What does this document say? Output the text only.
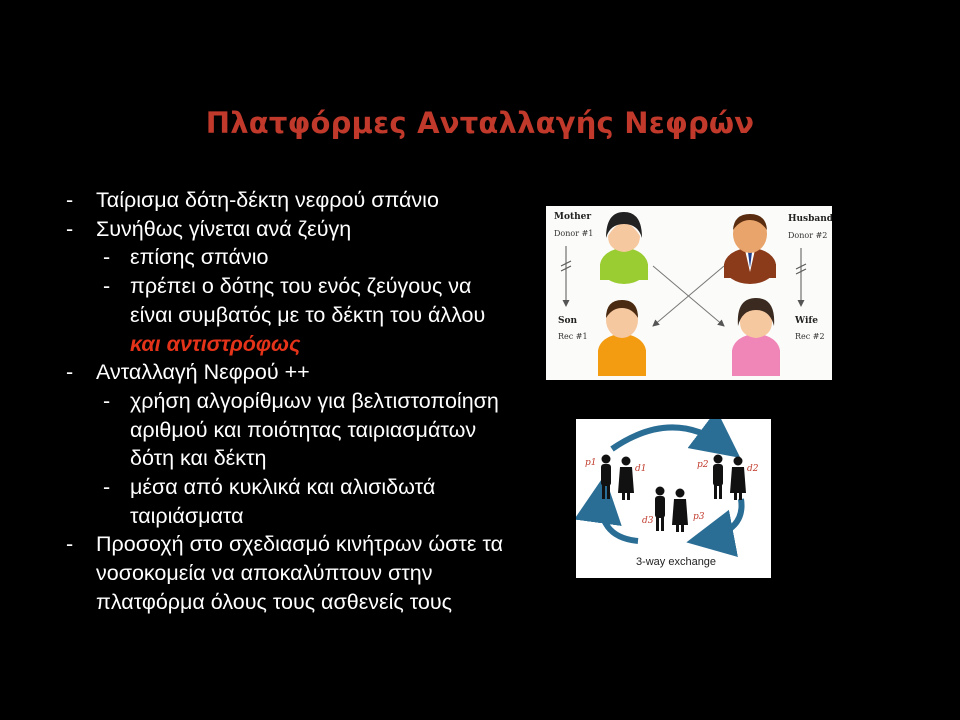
Πλατφόρμες Ανταλλαγής Νεφρών
- Ταίρισμα δότη-δέκτη νεφρού σπάνιο
- Συνήθως γίνεται ανά ζεύγη
- επίσης σπάνιο
- πρέπει ο δότης του ενός ζεύγους να
είναι συμβατός με το δέκτη του άλλου
και αντιστρόφως
- Ανταλλαγή Νεφρού ++
- χρήση αλγορίθμων για βελτιστοποίηση
αριθμού και ποιότητας ταιριασμάτων
δότη και δέκτη
- μέσα από κυκλικά και αλισιδωτά
ταιριάσματα
- Προσοχή στο σχεδιασμό κινήτρων ώστε τα
νοσοκομεία να αποκαλύπτουν στην
πλατφόρμα όλους τους ασθενείς τους
Mother
Donor #1
Son
Rec #1
Husband
Donor #2
Wife
Rec #2
p1
d1	p2	d2
d3	p3
3-way exchange
